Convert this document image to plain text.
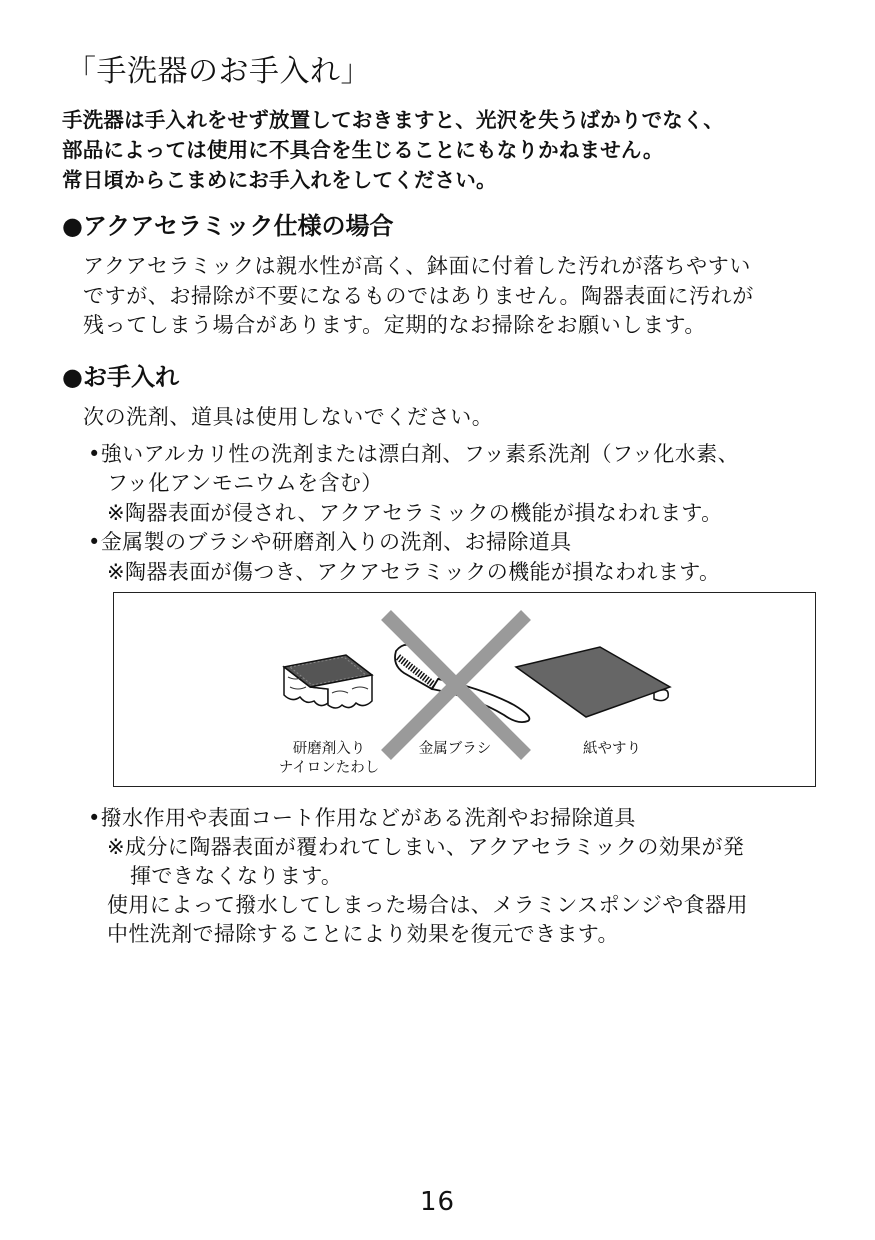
「手洗器のお手入れ」
手洗器は手入れをせず放置しておきますと、光沢を失うばかりでなく、
部品によっては使用に不具合を生じることにもなりかねません。
常日頃からこまめにお手入れをしてください。
●アクアセラミック仕様の場合
アクアセラミックは親水性が高く、鉢面に付着した汚れが落ちやすい
ですが、お掃除が不要になるものではありません。陶器表面に汚れが
残ってしまう場合があります。定期的なお掃除をお願いします。
●お手入れ
次の洗剤、道具は使用しないでください。
•強いアルカリ性の洗剤または漂白剤、フッ素系洗剤（フッ化水素、
フッ化アンモニウムを含む）
※陶器表面が侵され、アクアセラミックの機能が損なわれます。
•金属製のブラシや研磨剤入りの洗剤、お掃除道具
※陶器表面が傷つき、アクアセラミックの機能が損なわれます。
研磨剤入り
ナイロンたわし
金属ブラシ	紙やすり
•撥水作用や表面コート作用などがある洗剤やお掃除道具
※成分に陶器表面が覆われてしまい、アクアセラミックの効果が発
揮できなくなります。
使用によって撥水してしまった場合は、メラミンスポンジや食器用
中性洗剤で掃除することにより効果を復元できます。
16
